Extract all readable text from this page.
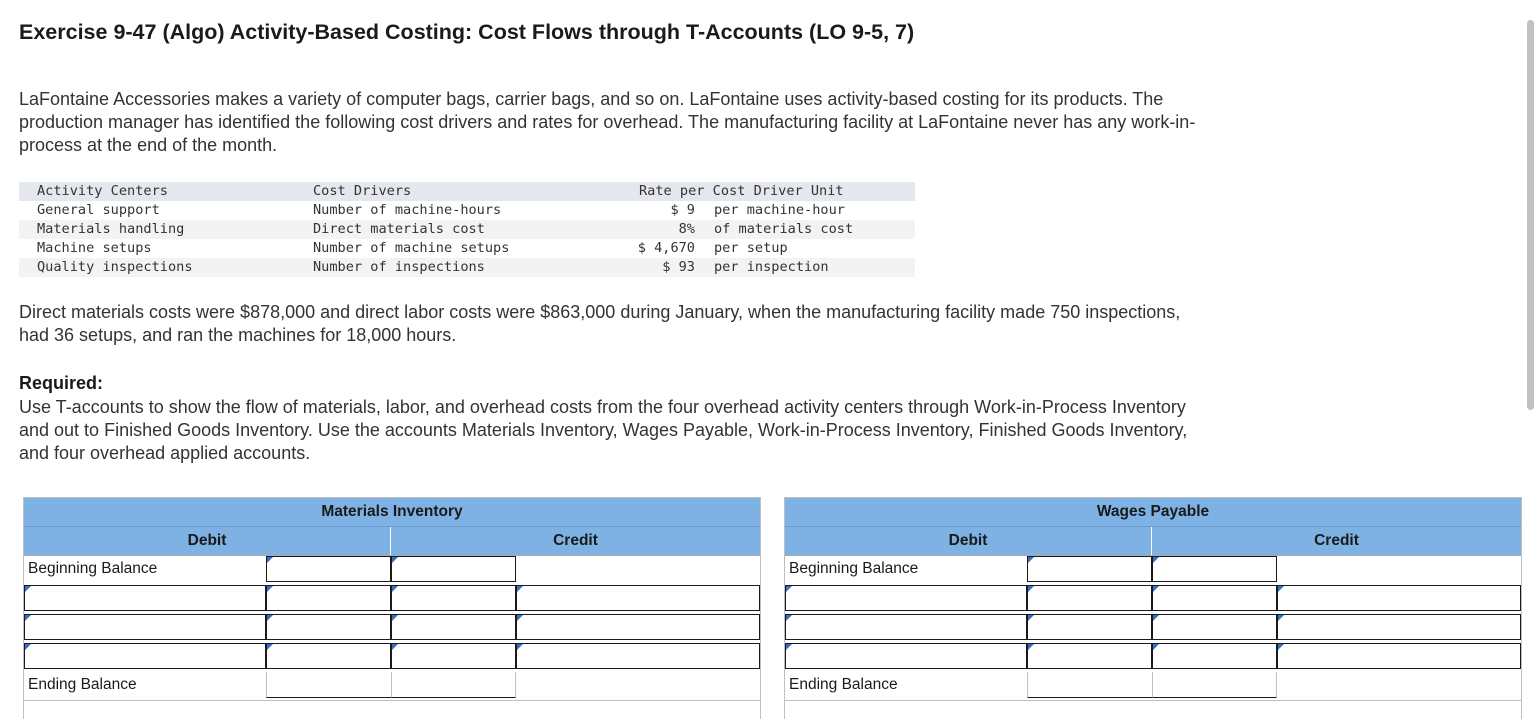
Exercise 9-47 (Algo) Activity-Based Costing: Cost Flows through T-Accounts (LO 9-5, 7)
LaFontaine Accessories makes a variety of computer bags, carrier bags, and so on. LaFontaine uses activity-based costing for its products. The production manager has identified the following cost drivers and rates for overhead. The manufacturing facility at LaFontaine never has any work-in-process at the end of the month.
Activity Centers	Cost Drivers	Rate per Cost Driver Unit
General support	Number of machine-hours	$ 9 per machine-hour
Materials handling	Direct materials cost	8% of materials cost
Machine setups	Number of machine setups	$ 4,670 per setup
Quality inspections	Number of inspections	$ 93 per inspection
Direct materials costs were $878,000 and direct labor costs were $863,000 during January, when the manufacturing facility made 750 inspections, had 36 setups, and ran the machines for 18,000 hours.
Required:
Use T-accounts to show the flow of materials, labor, and overhead costs from the four overhead activity centers through Work-in-Process Inventory and out to Finished Goods Inventory. Use the accounts Materials Inventory, Wages Payable, Work-in-Process Inventory, Finished Goods Inventory, and four overhead applied accounts.
Materials Inventory
Debit	Credit
Beginning Balance
Ending Balance
Wages Payable
Debit	Credit
Beginning Balance
Ending Balance
